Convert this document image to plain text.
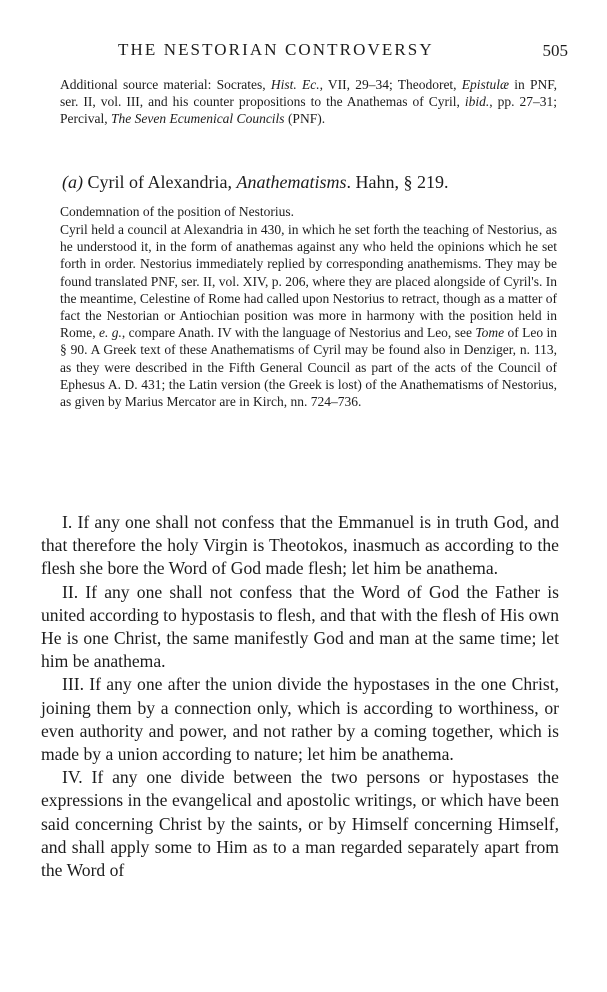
THE NESTORIAN CONTROVERSY	505

Additional source material: Socrates, Hist. Ec., VII, 29–34; Theodoret, Epistulæ in PNF, ser. II, vol. III, and his counter propositions to the Anathemas of Cyril, ibid., pp. 27–31; Percival, The Seven Ecumenical Councils (PNF).

(a) Cyril of Alexandria, Anathematisms. Hahn, § 219.

Condemnation of the position of Nestorius.

Cyril held a council at Alexandria in 430, in which he set forth the teaching of Nestorius, as he understood it, in the form of anathemas against any who held the opinions which he set forth in order. Nestorius immediately replied by corresponding anathemisms. They may be found translated PNF, ser. II, vol. XIV, p. 206, where they are placed alongside of Cyril's. In the meantime, Celestine of Rome had called upon Nestorius to retract, though as a matter of fact the Nestorian or Antiochian position was more in harmony with the position held in Rome, e. g., compare Anath. IV with the language of Nestorius and Leo, see Tome of Leo in § 90. A Greek text of these Anathematisms of Cyril may be found also in Denziger, n. 113, as they were described in the Fifth General Council as part of the acts of the Council of Ephesus A. D. 431; the Latin version (the Greek is lost) of the Anathematisms of Nestorius, as given by Marius Mercator are in Kirch, nn. 724–736.

I. If any one shall not confess that the Emmanuel is in truth God, and that therefore the holy Virgin is Theotokos, inasmuch as according to the flesh she bore the Word of God made flesh; let him be anathema.

II. If any one shall not confess that the Word of God the Father is united according to hypostasis to flesh, and that with the flesh of His own He is one Christ, the same manifestly God and man at the same time; let him be anathema.

III. If any one after the union divide the hypostases in the one Christ, joining them by a connection only, which is according to worthiness, or even authority and power, and not rather by a coming together, which is made by a union according to nature; let him be anathema.

IV. If any one divide between the two persons or hypostases the expressions in the evangelical and apostolic writings, or which have been said concerning Christ by the saints, or by Himself concerning Himself, and shall apply some to Him as to a man regarded separately apart from the Word of
